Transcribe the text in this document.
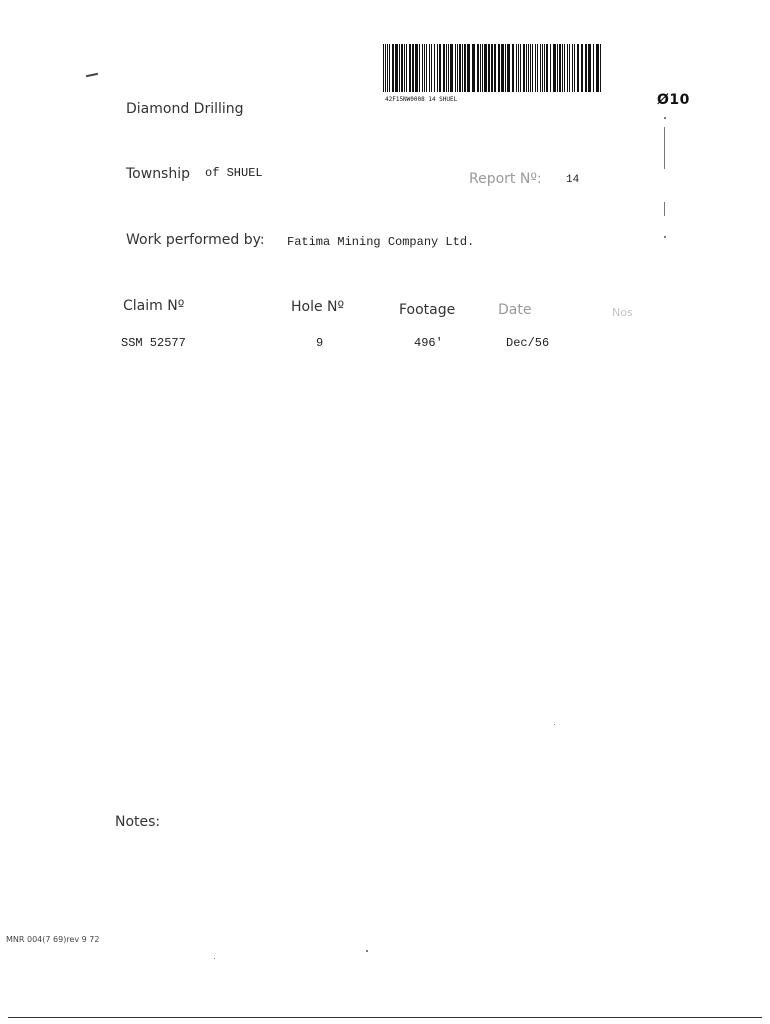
42F15NW0008 14 SHUEL	Ø10
Diamond Drilling
Township of SHUEL	Report Nº: 14
Work performed by: Fatima Mining Company Ltd.
Claim Nº	Hole Nº	Footage	Date	Nos
SSM 52577	9	496'	Dec/56
Notes:
MNR 004(7 69)rev 9 72
